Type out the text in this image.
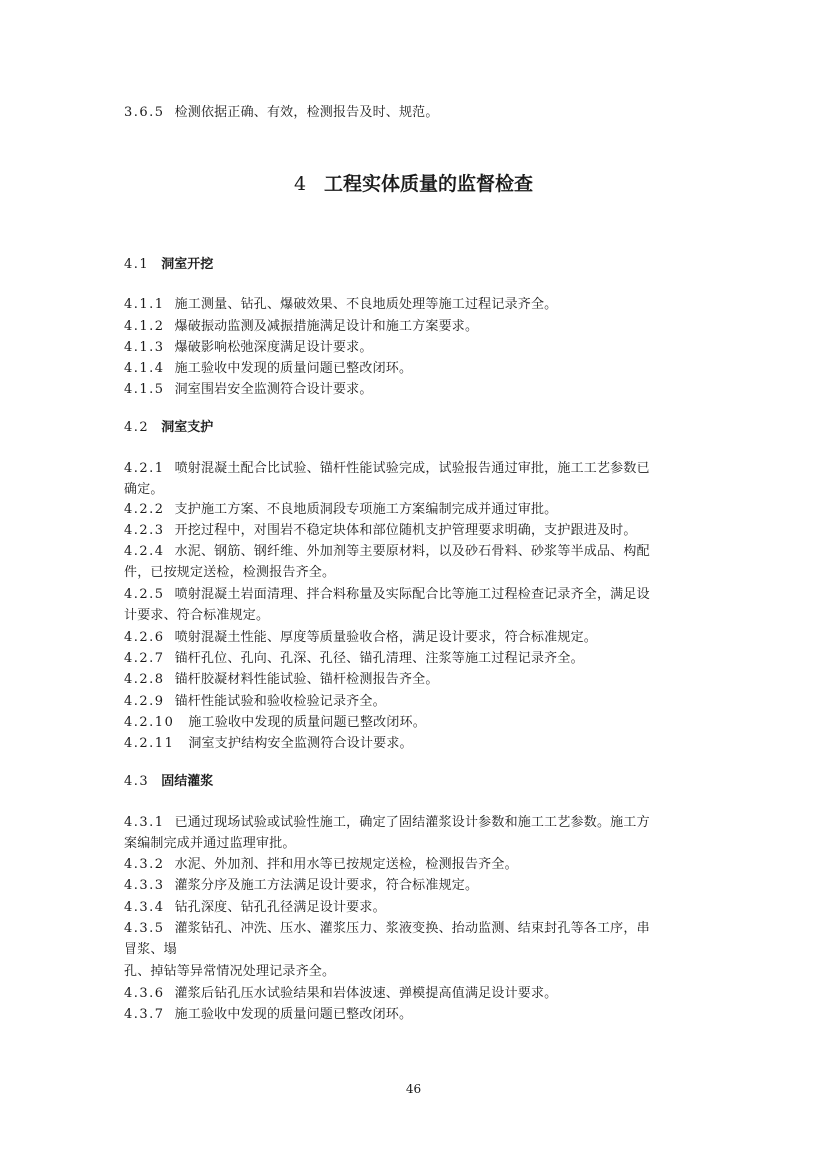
3.6.5 检测依据正确、有效，检测报告及时、规范。
4 工程实体质量的监督检查
4.1 洞室开挖
4.1.1 施工测量、钻孔、爆破效果、不良地质处理等施工过程记录齐全。
4.1.2 爆破振动监测及减振措施满足设计和施工方案要求。
4.1.3 爆破影响松弛深度满足设计要求。
4.1.4 施工验收中发现的质量问题已整改闭环。
4.1.5 洞室围岩安全监测符合设计要求。
4.2 洞室支护
4.2.1 喷射混凝土配合比试验、锚杆性能试验完成，试验报告通过审批，施工工艺参数已
确定。
4.2.2 支护施工方案、不良地质洞段专项施工方案编制完成并通过审批。
4.2.3 开挖过程中，对围岩不稳定块体和部位随机支护管理要求明确，支护跟进及时。
4.2.4 水泥、钢筋、钢纤维、外加剂等主要原材料，以及砂石骨料、砂浆等半成品、构配
件，已按规定送检，检测报告齐全。
4.2.5 喷射混凝土岩面清理、拌合料称量及实际配合比等施工过程检查记录齐全，满足设
计要求、符合标准规定。
4.2.6 喷射混凝土性能、厚度等质量验收合格，满足设计要求，符合标准规定。
4.2.7 锚杆孔位、孔向、孔深、孔径、锚孔清理、注浆等施工过程记录齐全。
4.2.8 锚杆胶凝材料性能试验、锚杆检测报告齐全。
4.2.9 锚杆性能试验和验收检验记录齐全。
4.2.10 施工验收中发现的质量问题已整改闭环。
4.2.11 洞室支护结构安全监测符合设计要求。
4.3 固结灌浆
4.3.1 已通过现场试验或试验性施工，确定了固结灌浆设计参数和施工工艺参数。施工方
案编制完成并通过监理审批。
4.3.2 水泥、外加剂、拌和用水等已按规定送检，检测报告齐全。
4.3.3 灌浆分序及施工方法满足设计要求，符合标准规定。
4.3.4 钻孔深度、钻孔孔径满足设计要求。
4.3.5 灌浆钻孔、冲洗、压水、灌浆压力、浆液变换、抬动监测、结束封孔等各工序，串
冒浆、塌
孔、掉钻等异常情况处理记录齐全。
4.3.6 灌浆后钻孔压水试验结果和岩体波速、弹模提高值满足设计要求。
4.3.7 施工验收中发现的质量问题已整改闭环。
46
